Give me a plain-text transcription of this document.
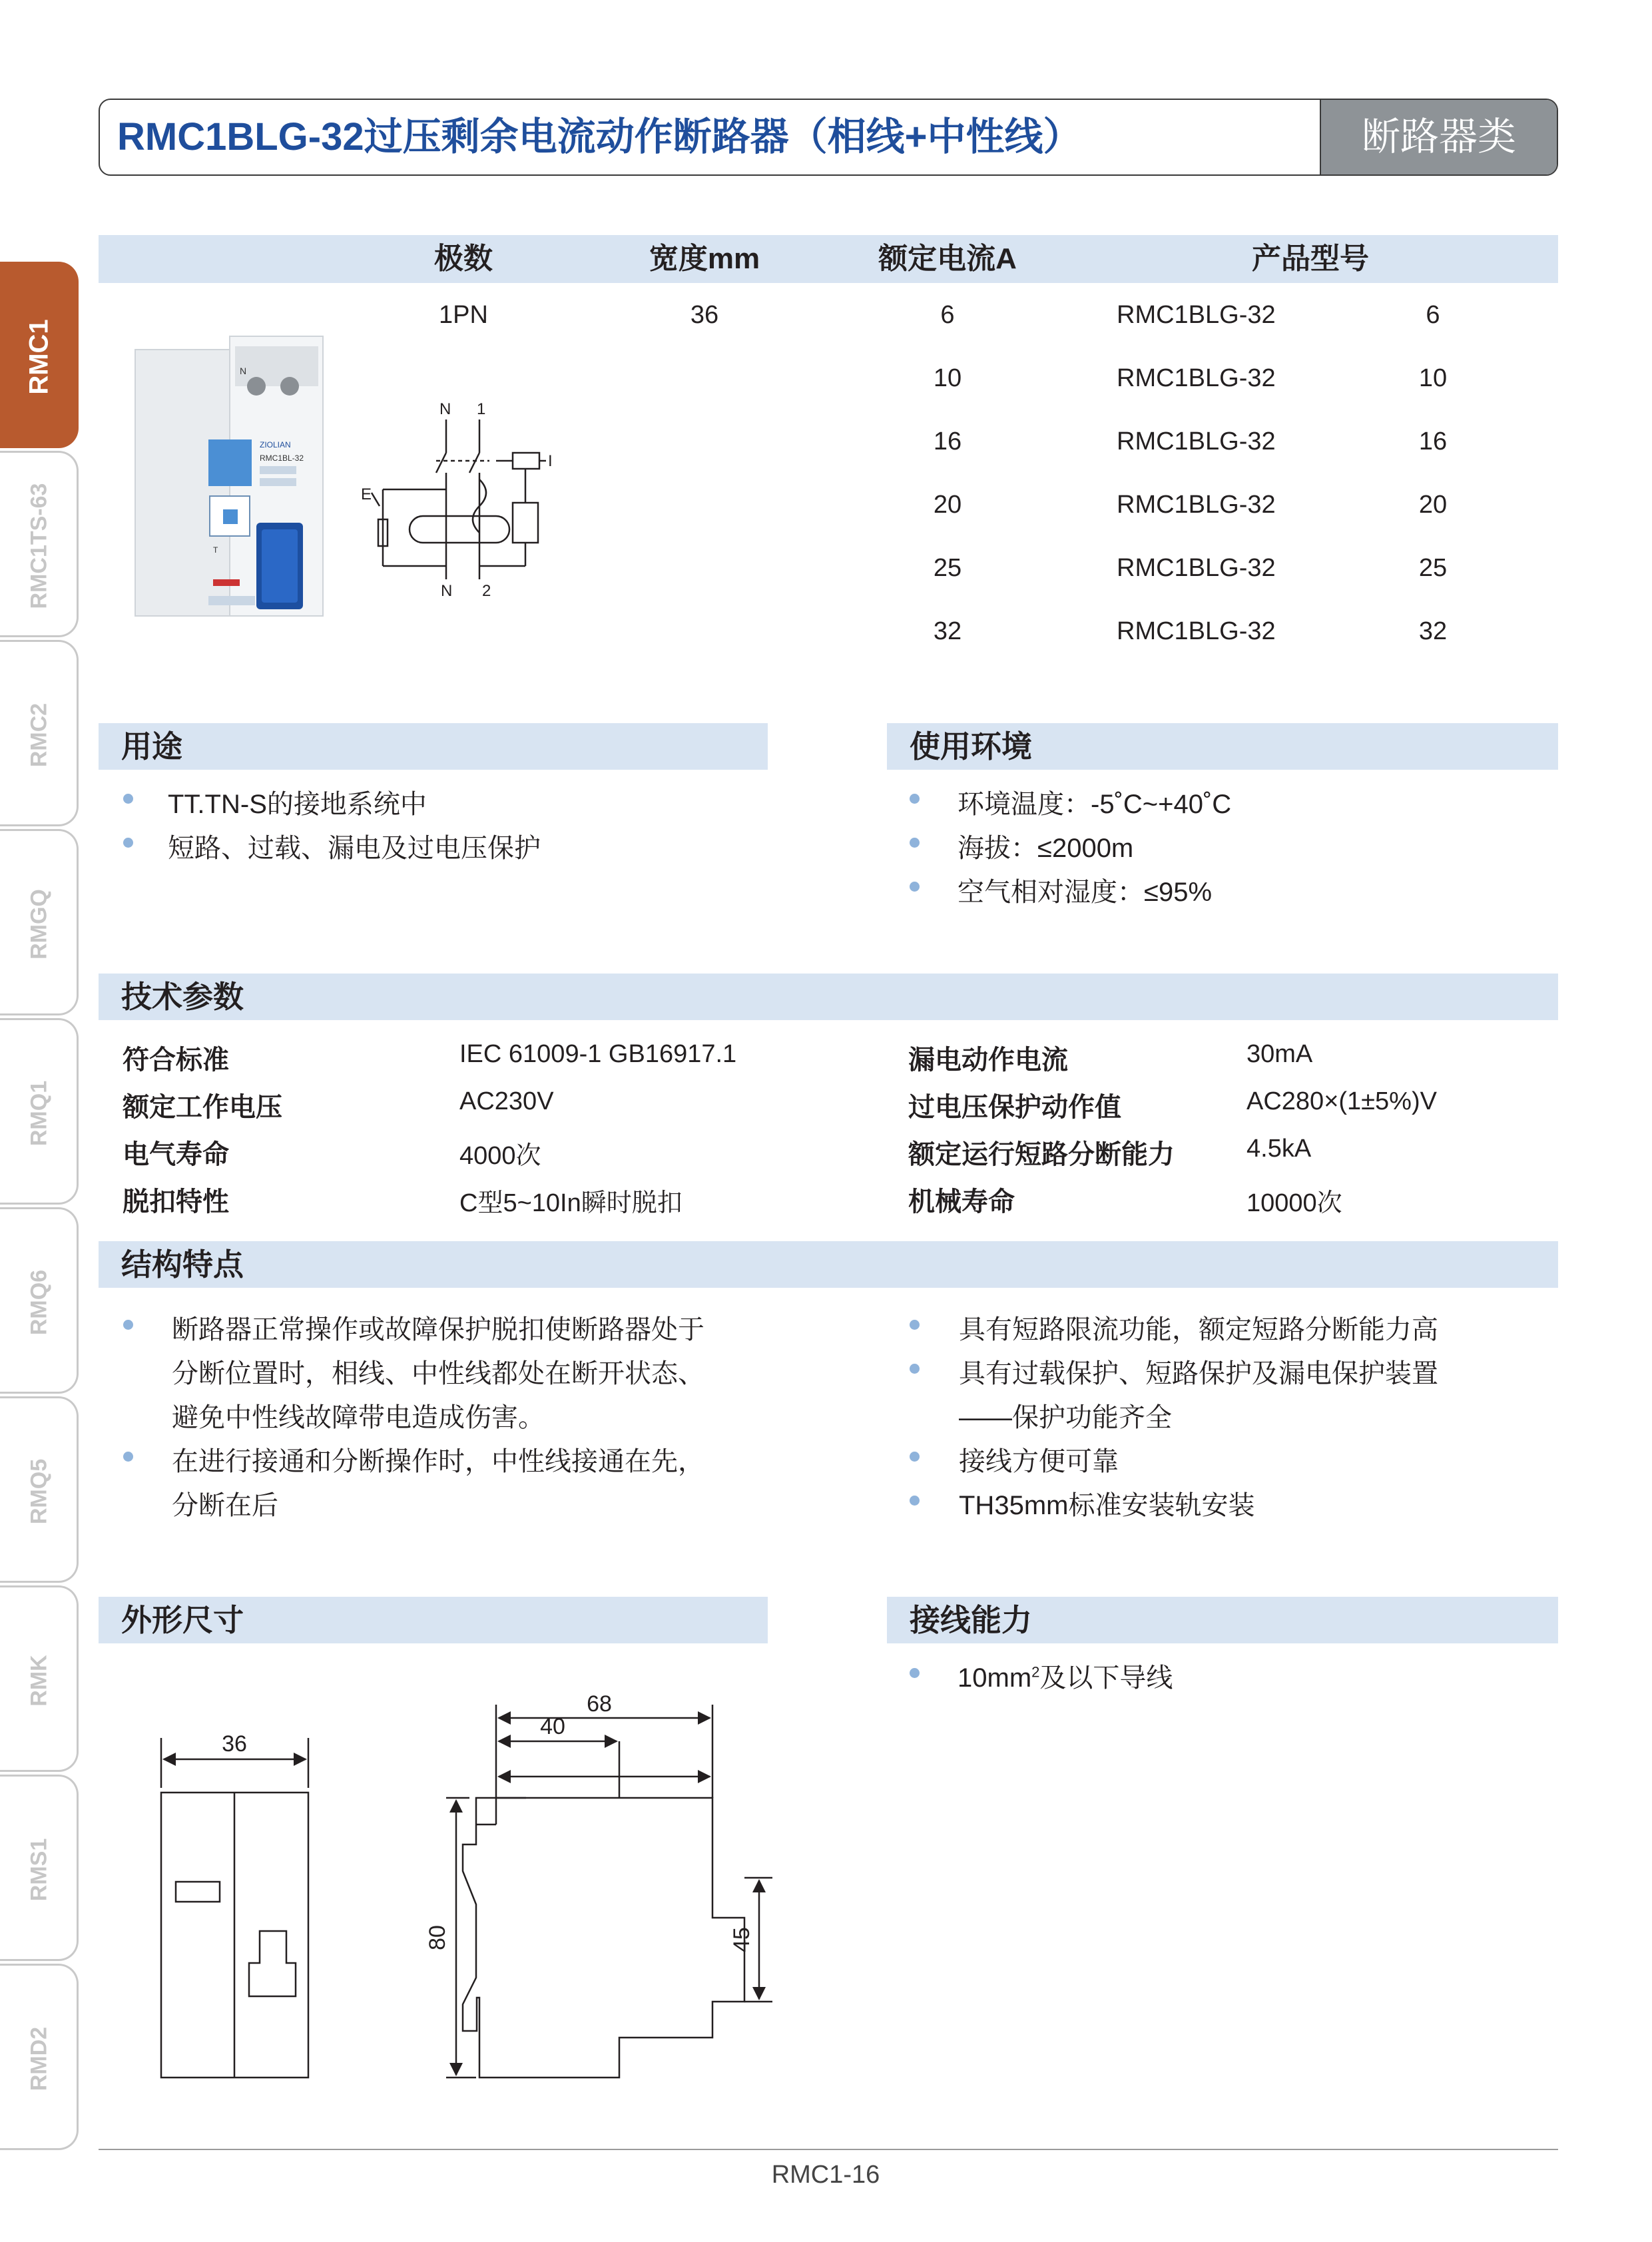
RMC1BLG-32过压剩余电流动作断路器（相线+中性线）	断路器类
RMC1
RMC1TS-63
RMC2
RMGQ
RMQ1
RMQ6
RMQ5
RMK
RMS1
RMD2
极数	宽度mm	额定电流A	产品型号
1PN	36	6	RMC1BLG-32	6
10	RMC1BLG-32	10
16	RMC1BLG-32	16
20	RMC1BLG-32	20
25	RMC1BLG-32	25
32	RMC1BLG-32	32
N
ZIOLIAN
RMC1BL-32
T
N 1
N 2
I
E
用途
TT.TN-S的接地系统中
短路、过载、漏电及过电压保护
使用环境
环境温度：-5˚C~+40˚C
海拔：≤2000m
空气相对湿度：≤95%
技术参数
符合标准	IEC 61009-1 GB16917.1
额定工作电压	AC230V
电气寿命	4000次
脱扣特性	C型5~10In瞬时脱扣
漏电动作电流	30mA
过电压保护动作值	AC280×(1±5%)V
额定运行短路分断能力	4.5kA
机械寿命	10000次
结构特点
断路器正常操作或故障保护脱扣使断路器处于
分断位置时，相线、中性线都处在断开状态、
避免中性线故障带电造成伤害。
在进行接通和分断操作时，中性线接通在先，
分断在后
具有短路限流功能，额定短路分断能力高
具有过载保护、短路保护及漏电保护装置
——保护功能齐全
接线方便可靠
TH35mm标准安装轨安装
外形尺寸
36
68
40
80	45
接线能力
$10mm^2$及以下导线
RMC1-16
